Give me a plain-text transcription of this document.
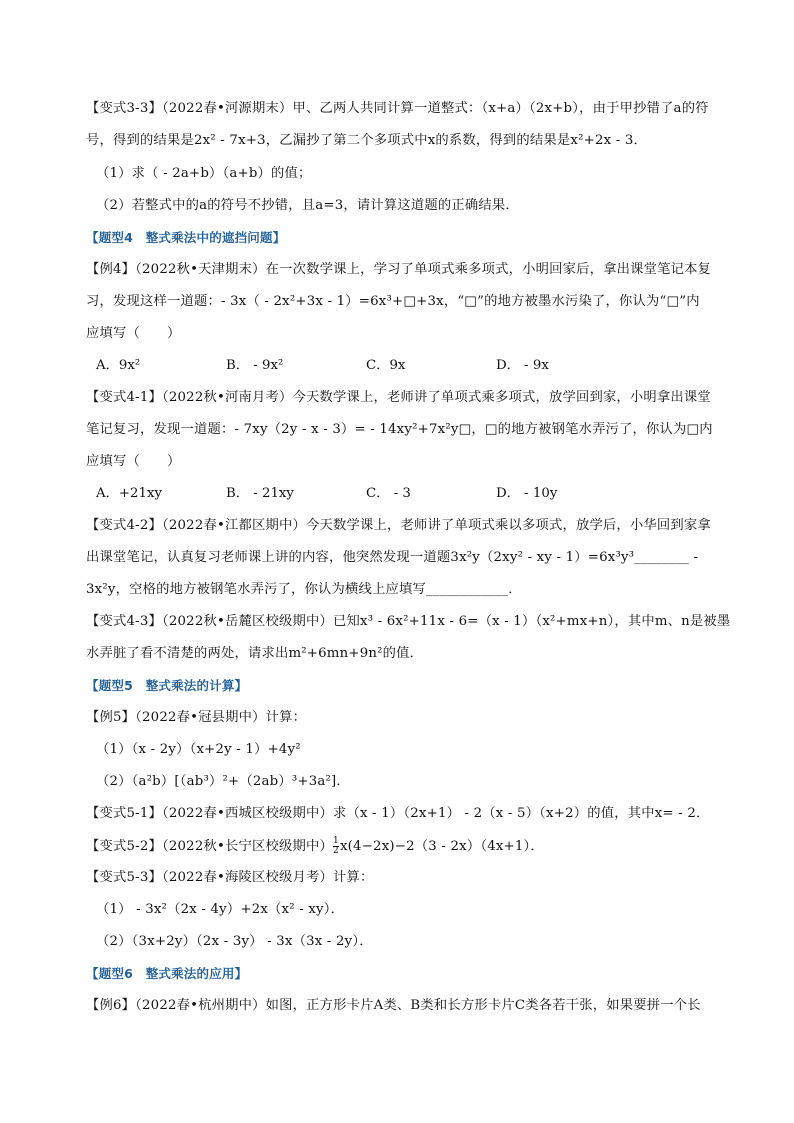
【变式3-3】（2022春•河源期末）甲、乙两人共同计算一道整式：（x+a）（2x+b），由于甲抄错了a的符
号，得到的结果是2x² - 7x+3，乙漏抄了第二个多项式中x的系数，得到的结果是x²+2x - 3．
（1）求（ - 2a+b）（a+b）的值；
（2）若整式中的a的符号不抄错，且a=3，请计算这道题的正确结果．
【题型4　整式乘法中的遮挡问题】
【例4】（2022秋•天津期末）在一次数学课上，学习了单项式乘多项式，小明回家后，拿出课堂笔记本复
习，发现这样一道题：- 3x（ - 2x²+3x - 1）=6x³+□+3x，“□”的地方被墨水污染了，你认为“□”内
应填写（　　）
A．9x²	B． - 9x²	C．9x	D． - 9x
【变式4-1】（2022秋•河南月考）今天数学课上，老师讲了单项式乘多项式，放学回到家，小明拿出课堂
笔记复习，发现一道题：- 7xy（2y - x - 3）= - 14xy²+7x²y□，□的地方被钢笔水弄污了，你认为□内
应填写（　　）
A．+21xy	B． - 21xy	C． - 3	D． - 10y
【变式4-2】（2022春•江都区期中）今天数学课上，老师讲了单项式乘以多项式，放学后，小华回到家拿
出课堂笔记，认真复习老师课上讲的内容，他突然发现一道题3x²y（2xy² - xy - 1）=6x³y³________ -
3x²y，空格的地方被钢笔水弄污了，你认为横线上应填写____________．
【变式4-3】（2022秋•岳麓区校级期中）已知x³ - 6x²+11x - 6=（x - 1）（x²+mx+n），其中m、n是被墨
水弄脏了看不清楚的两处，请求出m²+6mn+9n²的值．
【题型5　整式乘法的计算】
【例5】（2022春•冠县期中）计算：
（1）（x - 2y）（x+2y - 1）+4y²
（2）（a²b）[（ab³）²+（2ab）³+3a²]．
【变式5-1】（2022春•西城区校级期中）求（x - 1）（2x+1） - 2（x - 5）（x+2）的值，其中x= - 2．
【变式5-2】（2022秋•长宁区校级期中） $\frac{1}{2} x(4-2x)-2(3 - 2x)(4x+1)$．
【变式5-3】（2022春•海陵区校级月考）计算：
（1） - 3x²（2x - 4y）+2x（x² - xy）．
（2）（3x+2y）（2x - 3y） - 3x（3x - 2y）．
【题型6　整式乘法的应用】
【例6】（2022春•杭州期中）如图，正方形卡片A类、B类和长方形卡片C类各若干张，如果要拼一个长
